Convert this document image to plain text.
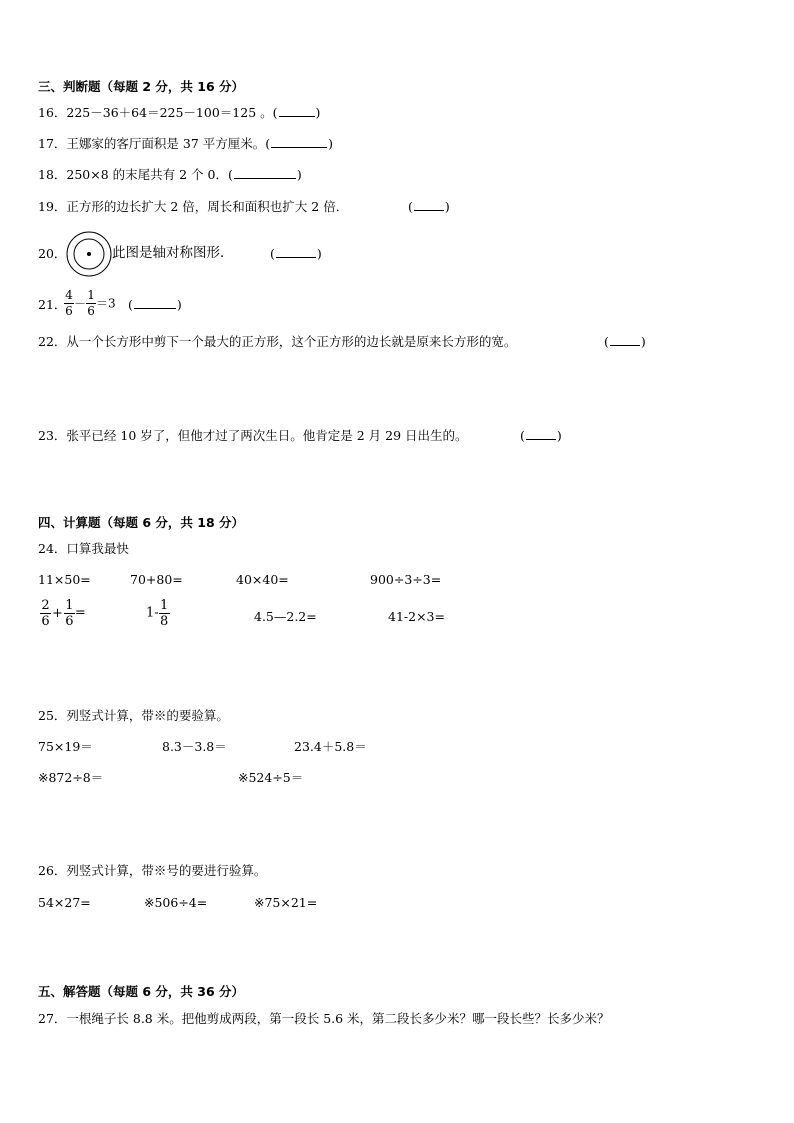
三、判断题（每题 2 分，共 16 分）
16．225－36＋64＝225－100＝125 。(	)
17．王娜家的客厅面积是 37 平方厘米。(	)
18．250×8 的末尾共有 2 个 0．(	)
19．正方形的边长扩大 2 倍，周长和面积也扩大 2 倍．	(	)
20．	此图是轴对称图形．	(	)
21．
$\frac{4}{6} - \frac{1}{6} =3$ (	)
22．从一个长方形中剪下一个最大的正方形，这个正方形的边长就是原来长方形的宽。	(	)
23．张平已经 10 岁了，但他才过了两次生日。他肯定是 2 月 29 日出生的。	(	)
四、计算题（每题 6 分，共 18 分）
24．口算我最快
11×50=	70+80=	40×40=	900÷3÷3=
$\frac{2}{6} + \frac{1}{6}$ =	$1- \frac{1}{8}$	4.5—2.2=	41-2×3=
25．列竖式计算，带※的要验算。
75×19＝	8.3－3.8＝	23.4＋5.8＝
※872÷8＝	※524÷5＝
26．列竖式计算，带※号的要进行验算。
54×27=	※506÷4=	※75×21=
五、解答题（每题 6 分，共 36 分）
27．一根绳子长 8.8 米。把他剪成两段，第一段长 5.6 米，第二段长多少米？哪一段长些？长多少米？
